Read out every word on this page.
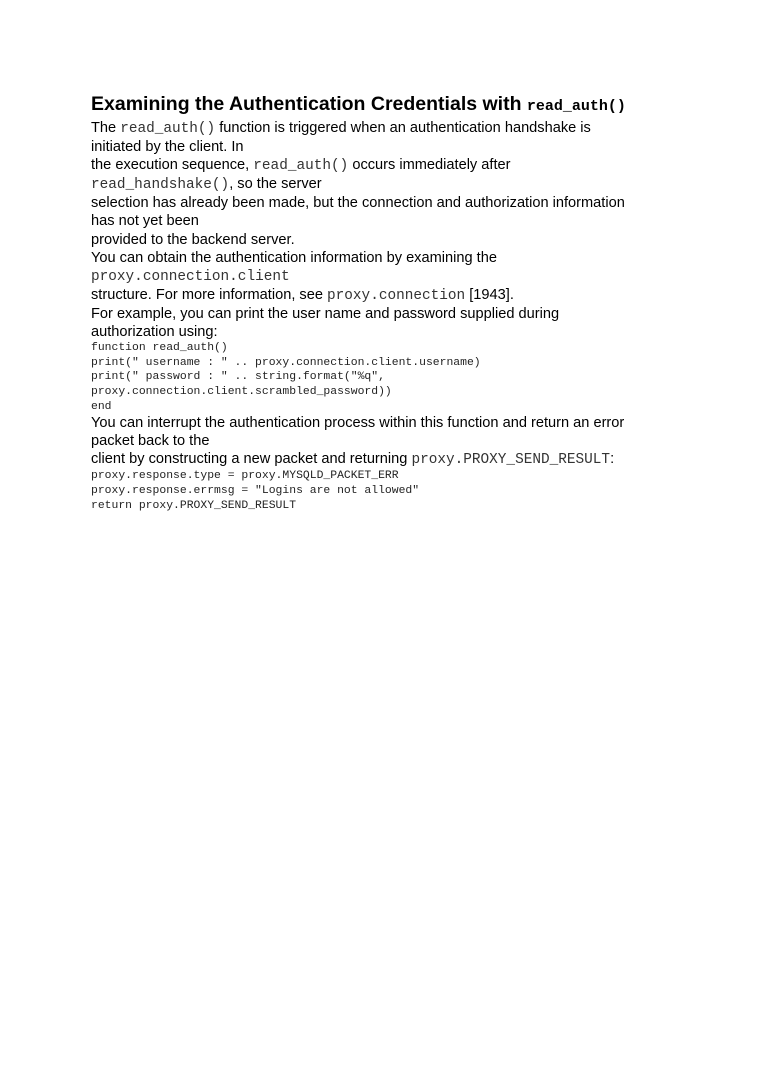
Examining the Authentication Credentials with read_auth()
The read_auth() function is triggered when an authentication handshake is
initiated by the client. In
the execution sequence, read_auth() occurs immediately after
read_handshake(), so the server
selection has already been made, but the connection and authorization information
has not yet been
provided to the backend server.
You can obtain the authentication information by examining the
proxy.connection.client
structure. For more information, see proxy.connection [1943].
For example, you can print the user name and password supplied during
authorization using:
function read_auth()
print(" username : " .. proxy.connection.client.username)
print(" password : " .. string.format("%q",
proxy.connection.client.scrambled_password))
end
You can interrupt the authentication process within this function and return an error
packet back to the
client by constructing a new packet and returning proxy.PROXY_SEND_RESULT:
proxy.response.type = proxy.MYSQLD_PACKET_ERR
proxy.response.errmsg = "Logins are not allowed"
return proxy.PROXY_SEND_RESULT
